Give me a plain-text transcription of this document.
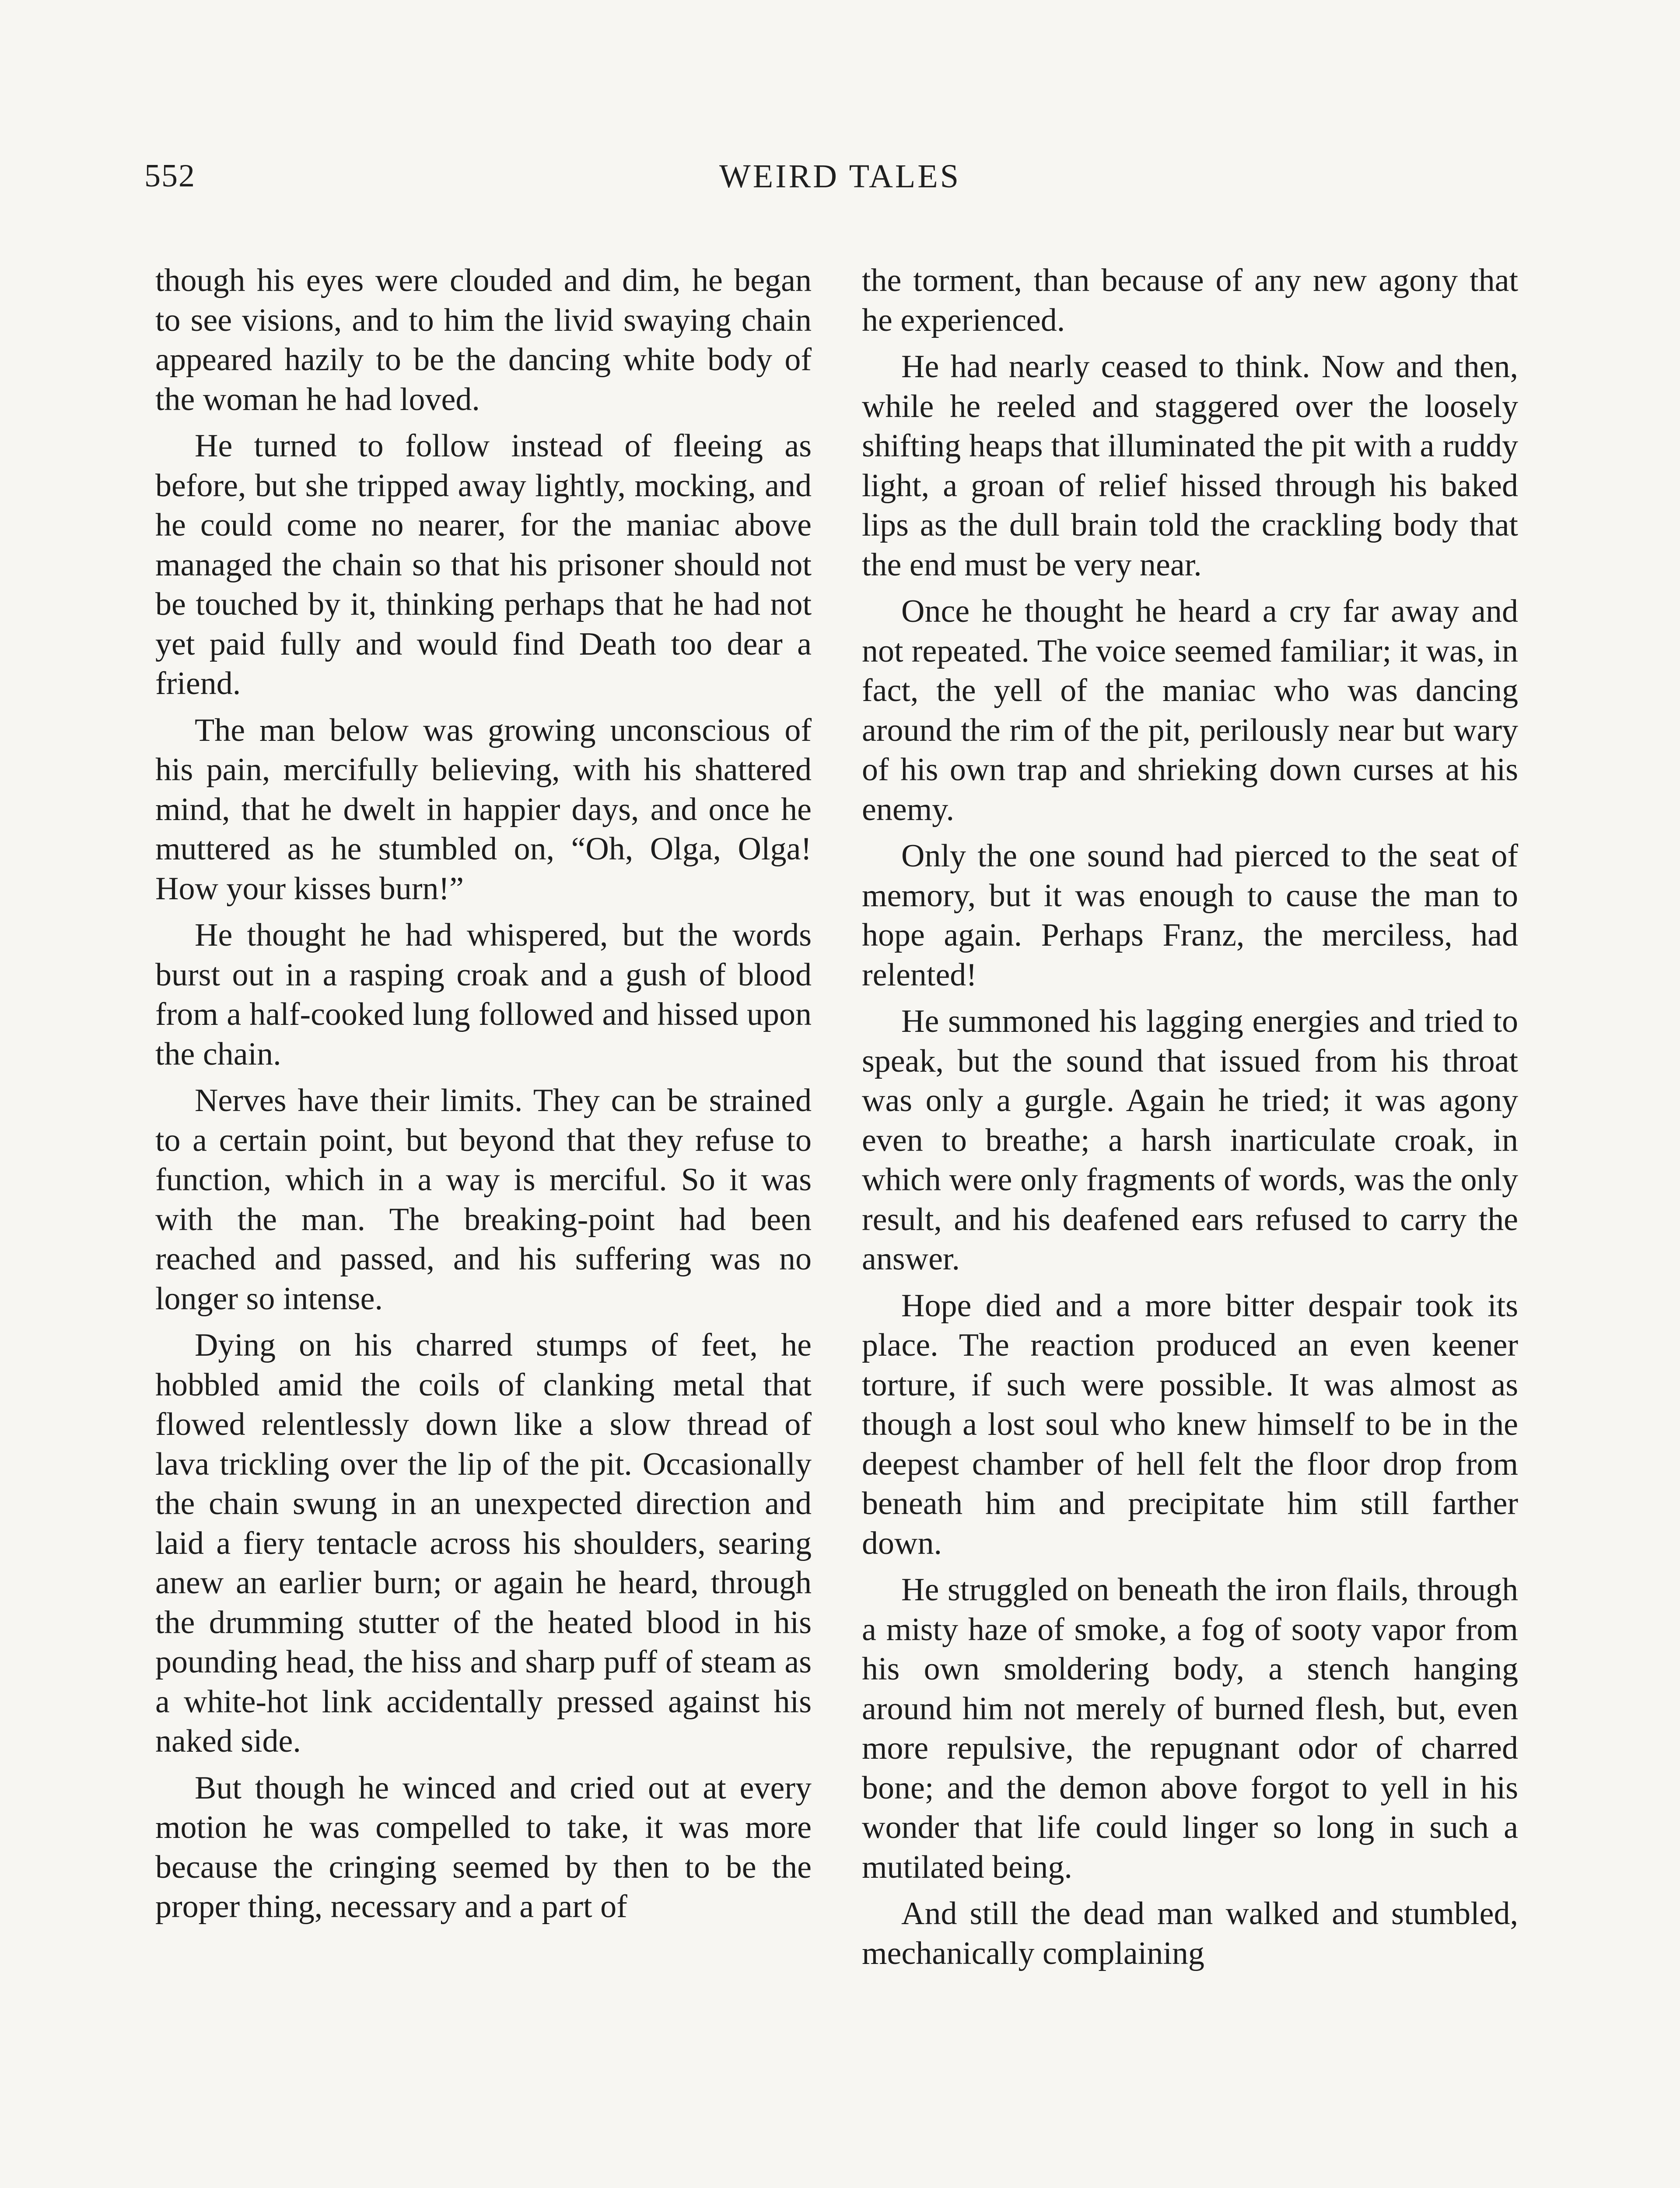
552	WEIRD TALES

though his eyes were clouded and dim, he began to see visions, and to him the livid swaying chain appeared hazily to be the dancing white body of the woman he had loved.

He turned to follow instead of fleeing as before, but she tripped away lightly, mocking, and he could come no nearer, for the maniac above managed the chain so that his prisoner should not be touched by it, thinking perhaps that he had not yet paid fully and would find Death too dear a friend.

The man below was growing unconscious of his pain, mercifully believing, with his shattered mind, that he dwelt in happier days, and once he muttered as he stumbled on, “Oh, Olga, Olga! How your kisses burn!”

He thought he had whispered, but the words burst out in a rasping croak and a gush of blood from a half-cooked lung followed and hissed upon the chain.

Nerves have their limits. They can be strained to a certain point, but beyond that they refuse to function, which in a way is merciful. So it was with the man. The breaking-point had been reached and passed, and his suffering was no longer so intense.

Dying on his charred stumps of feet, he hobbled amid the coils of clanking metal that flowed relentlessly down like a slow thread of lava trickling over the lip of the pit. Occasionally the chain swung in an unexpected direction and laid a fiery tentacle across his shoulders, searing anew an earlier burn; or again he heard, through the drumming stutter of the heated blood in his pounding head, the hiss and sharp puff of steam as a white-hot link accidentally pressed against his naked side.

But though he winced and cried out at every motion he was compelled to take, it was more because the cringing seemed by then to be the proper thing, necessary and a part of

the torment, than because of any new agony that he experienced.

He had nearly ceased to think. Now and then, while he reeled and staggered over the loosely shifting heaps that illuminated the pit with a ruddy light, a groan of relief hissed through his baked lips as the dull brain told the crackling body that the end must be very near.

Once he thought he heard a cry far away and not repeated. The voice seemed familiar; it was, in fact, the yell of the maniac who was dancing around the rim of the pit, perilously near but wary of his own trap and shrieking down curses at his enemy.

Only the one sound had pierced to the seat of memory, but it was enough to cause the man to hope again. Perhaps Franz, the merciless, had relented!

He summoned his lagging energies and tried to speak, but the sound that issued from his throat was only a gurgle. Again he tried; it was agony even to breathe; a harsh inarticulate croak, in which were only fragments of words, was the only result, and his deafened ears refused to carry the answer.

Hope died and a more bitter despair took its place. The reaction produced an even keener torture, if such were possible. It was almost as though a lost soul who knew himself to be in the deepest chamber of hell felt the floor drop from beneath him and precipitate him still farther down.

He struggled on beneath the iron flails, through a misty haze of smoke, a fog of sooty vapor from his own smoldering body, a stench hanging around him not merely of burned flesh, but, even more repulsive, the repugnant odor of charred bone; and the demon above forgot to yell in his wonder that life could linger so long in such a mutilated being.

And still the dead man walked and stumbled, mechanically complaining
